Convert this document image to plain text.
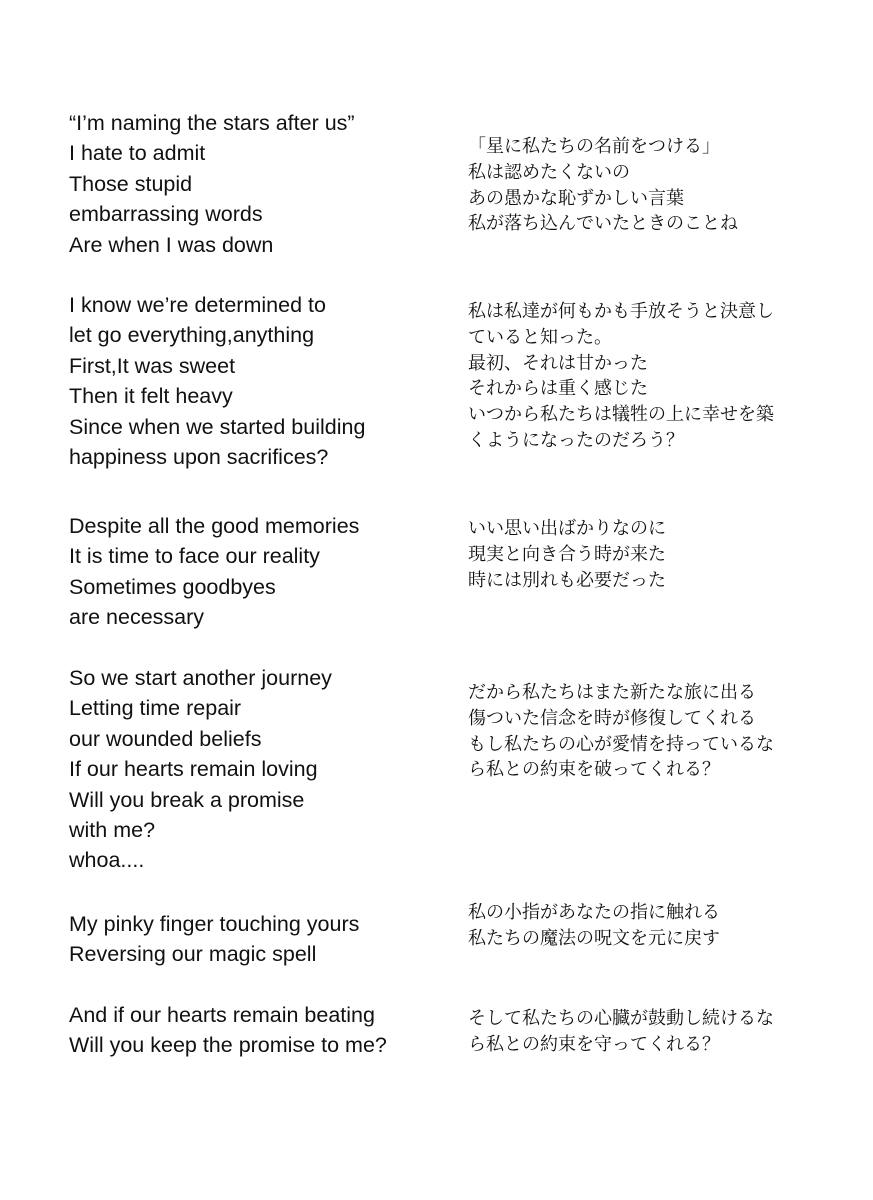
“I’m naming the stars after us”
I hate to admit
Those stupid
embarrassing words
Are when I was down
「星に私たちの名前をつける」
私は認めたくないの
あの愚かな恥ずかしい言葉
私が落ち込んでいたときのことね
I know we’re determined to
let go everything,anything
First,It was sweet
Then it felt heavy
Since when we started building
happiness upon sacrifices?
私は私達が何もかも手放そうと決意し
ていると知った。
最初、それは甘かった
それからは重く感じた
いつから私たちは犠牲の上に幸せを築
くようになったのだろう？
Despite all the good memories
It is time to face our reality
Sometimes goodbyes
are necessary
いい思い出ばかりなのに
現実と向き合う時が来た
時には別れも必要だった
So we start another journey
Letting time repair
our wounded beliefs
If our hearts remain loving
Will you break a promise
with me?
whoa....
だから私たちはまた新たな旅に出る
傷ついた信念を時が修復してくれる
もし私たちの心が愛情を持っているな
ら私との約束を破ってくれる？
My pinky finger touching yours
Reversing our magic spell
私の小指があなたの指に触れる
私たちの魔法の呪文を元に戻す
And if our hearts remain beating
Will you keep the promise to me?
そして私たちの心臓が鼓動し続けるな
ら私との約束を守ってくれる？
